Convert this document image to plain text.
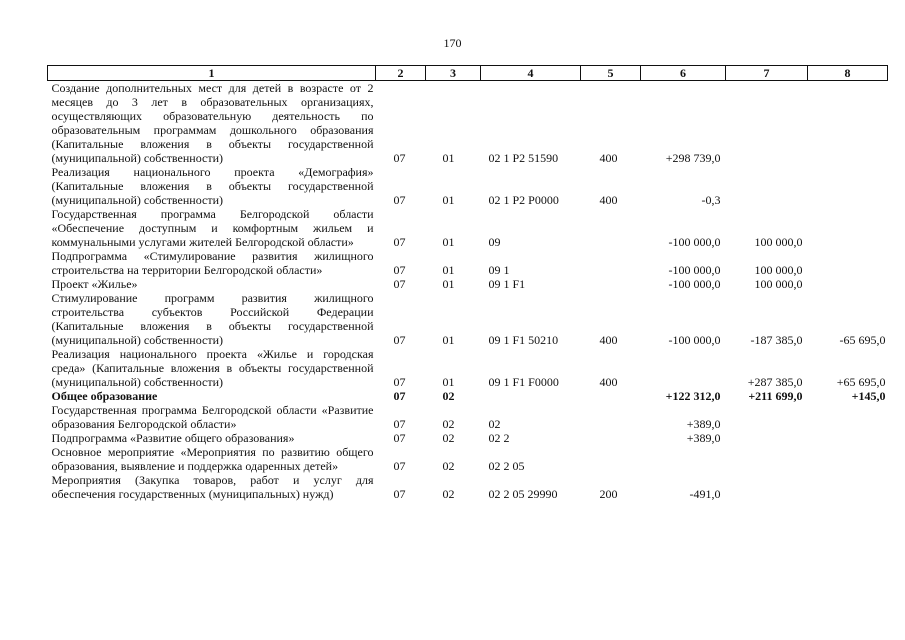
170
1	2	3	4	5	6	7	8
Создание дополнительных мест для детей в возрасте от 2 месяцев до 3 лет в образовательных организациях, осуществляющих образовательную деятельность по образовательным программам дошкольного образования (Капитальные вложения в объекты государственной (муниципальной) собственности)	07	01	02 1 P2 51590	400	+298 739,0		
Реализация национального проекта «Демография» (Капитальные вложения в объекты государственной (муниципальной) собственности)	07	01	02 1 P2 P0000	400	-0,3		
Государственная программа Белгородской области «Обеспечение доступным и комфортным жильем и коммунальными услугами жителей Белгородской области»	07	01	09		-100 000,0	100 000,0	
Подпрограмма «Стимулирование развития жилищного строительства на территории Белгородской области»	07	01	09 1		-100 000,0	100 000,0	
Проект «Жилье»	07	01	09 1 F1		-100 000,0	100 000,0	
Стимулирование программ развития жилищного строительства субъектов Российской Федерации (Капитальные вложения в объекты государственной (муниципальной) собственности)	07	01	09 1 F1 50210	400	-100 000,0	-187 385,0	-65 695,0
Реализация национального проекта «Жилье и городская среда» (Капитальные вложения в объекты государственной (муниципальной) собственности)	07	01	09 1 F1 F0000	400		+287 385,0	+65 695,0
Общее образование	07	02			+122 312,0	+211 699,0	+145,0
Государственная программа Белгородской области «Развитие образования Белгородской области»	07	02	02		+389,0		
Подпрограмма «Развитие общего образования»	07	02	02 2		+389,0		
Основное мероприятие «Мероприятия по развитию общего образования, выявление и поддержка одаренных детей»	07	02	02 2 05				
Мероприятия (Закупка товаров, работ и услуг для обеспечения государственных (муниципальных) нужд)	07	02	02 2 05 29990	200	-491,0		
